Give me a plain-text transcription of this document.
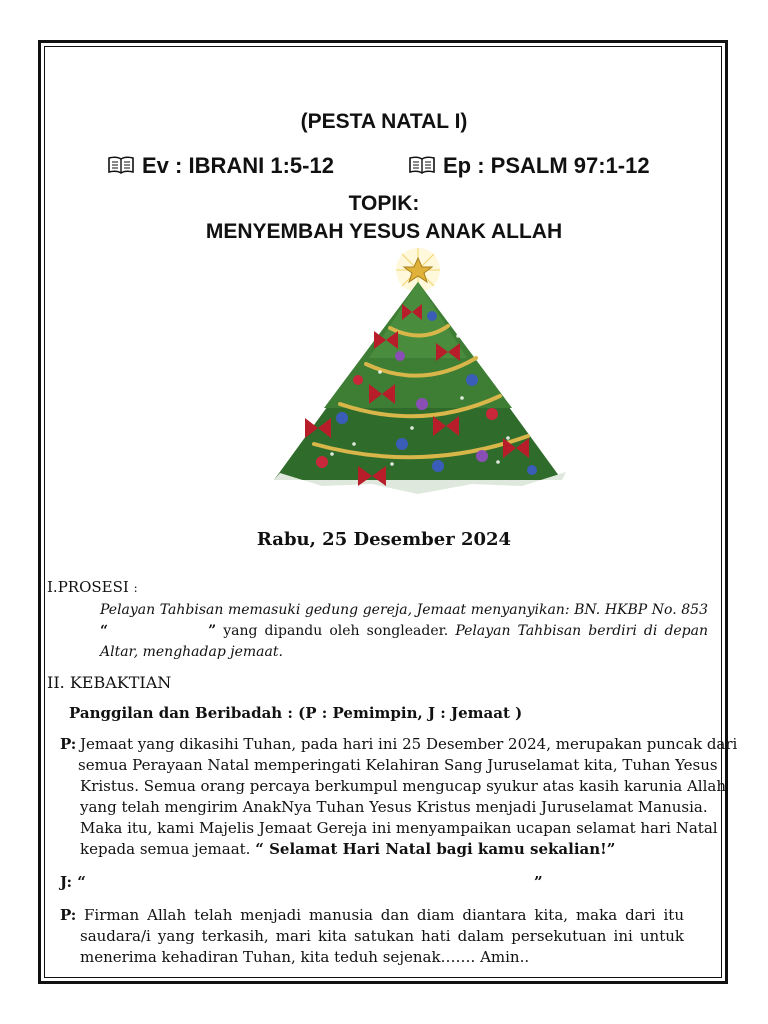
(PESTA NATAL I)
Ev : IBRANI 1:5-12	Ep : PSALM 97:1-12
TOPIK:
MENYEMBAH YESUS ANAK ALLAH
Rabu, 25 Desember 2024
I.PROSESI :
Pelayan Tahbisan memasuki gedung gereja, Jemaat menyanyikan: BN. HKBP No. 853
“	” yang dipandu oleh songleader. Pelayan Tahbisan berdiri di depan
Altar, menghadap jemaat.
II. KEBAKTIAN
Panggilan dan Beribadah : (P : Pemimpin, J : Jemaat )
P: Jemaat yang dikasihi Tuhan, pada hari ini 25 Desember 2024, merupakan puncak dari
semua Perayaan Natal memperingati Kelahiran Sang Juruselamat kita, Tuhan Yesus
Kristus. Semua orang percaya berkumpul mengucap syukur atas kasih karunia Allah
yang telah mengirim AnakNya Tuhan Yesus Kristus menjadi Juruselamat Manusia.
Maka itu, kami Majelis Jemaat Gereja ini menyampaikan ucapan selamat hari Natal
kepada semua jemaat. “ Selamat Hari Natal bagi kamu sekalian!”
J: “	”
P: Firman Allah telah menjadi manusia dan diam diantara kita, maka dari itu
saudara/i yang terkasih, mari kita satukan hati dalam persekutuan ini untuk
menerima kehadiran Tuhan, kita teduh sejenak……. Amin..
